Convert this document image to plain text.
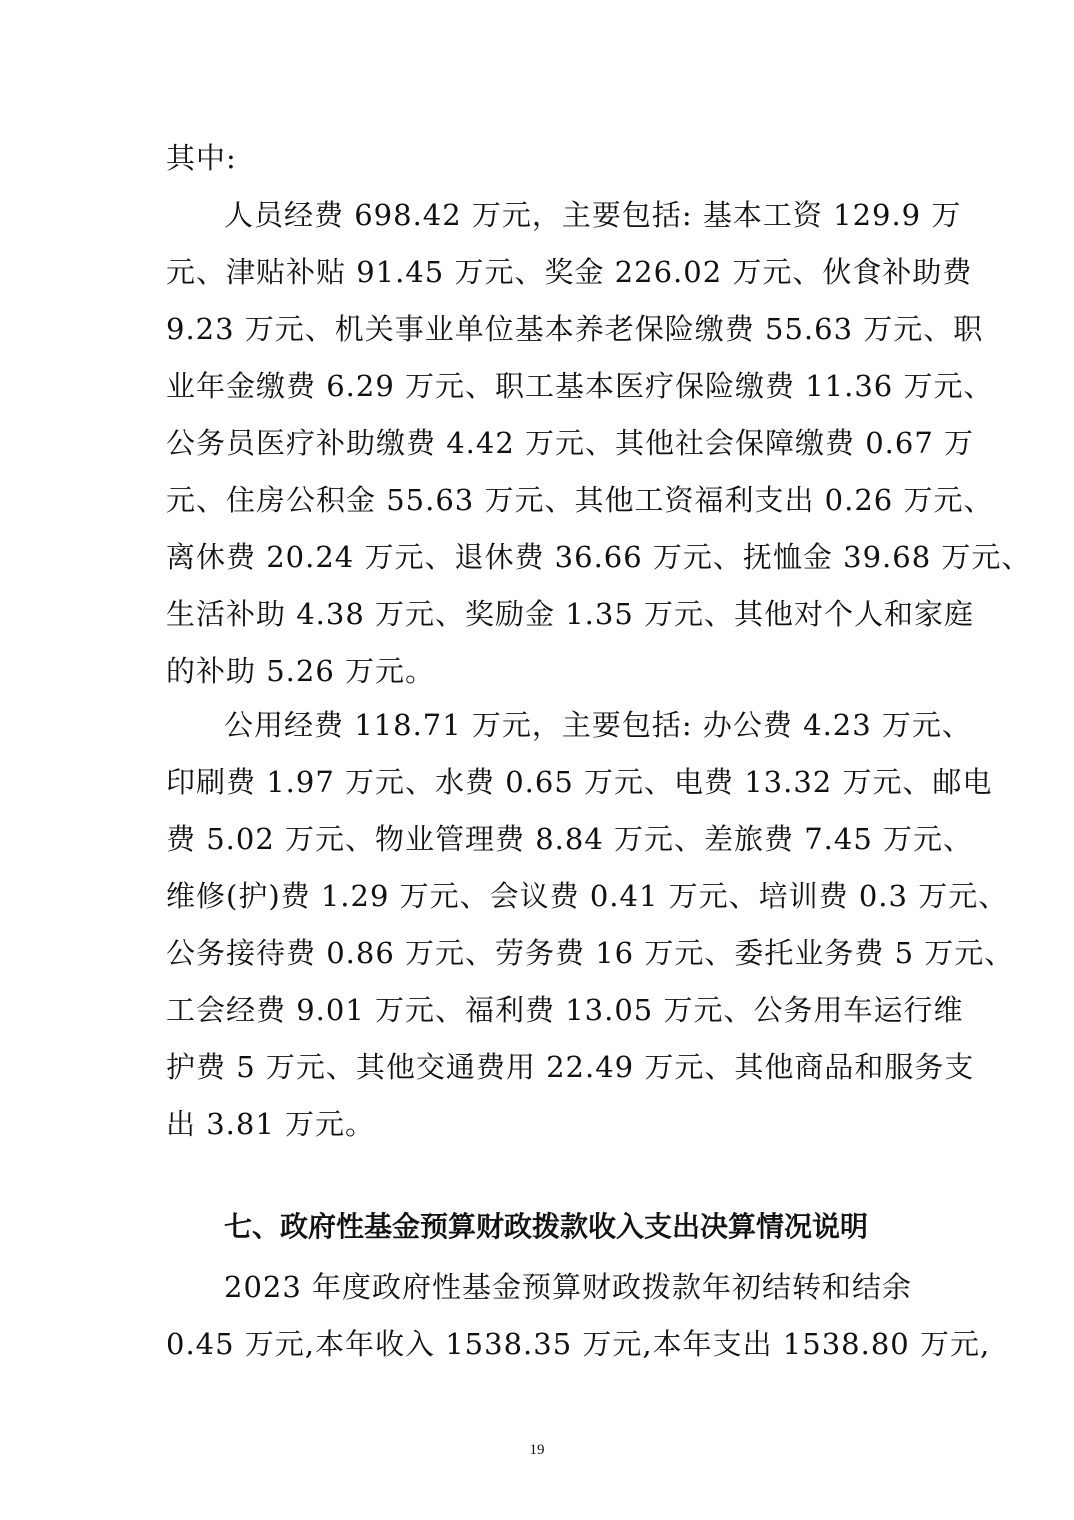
其中:
人员经费 698.42 万元，主要包括: 基本工资 129.9 万
元、津贴补贴 91.45 万元、奖金 226.02 万元、伙食补助费
9.23 万元、机关事业单位基本养老保险缴费 55.63 万元、职
业年金缴费 6.29 万元、职工基本医疗保险缴费 11.36 万元、
公务员医疗补助缴费 4.42 万元、其他社会保障缴费 0.67 万
元、住房公积金 55.63 万元、其他工资福利支出 0.26 万元、
离休费 20.24 万元、退休费 36.66 万元、抚恤金 39.68 万元、
生活补助 4.38 万元、奖励金 1.35 万元、其他对个人和家庭
的补助 5.26 万元。
公用经费 118.71 万元，主要包括: 办公费 4.23 万元、
印刷费 1.97 万元、水费 0.65 万元、电费 13.32 万元、邮电
费 5.02 万元、物业管理费 8.84 万元、差旅费 7.45 万元、
维修(护)费 1.29 万元、会议费 0.41 万元、培训费 0.3 万元、
公务接待费 0.86 万元、劳务费 16 万元、委托业务费 5 万元、
工会经费 9.01 万元、福利费 13.05 万元、公务用车运行维
护费 5 万元、其他交通费用 22.49 万元、其他商品和服务支
出 3.81 万元。
七、政府性基金预算财政拨款收入支出决算情况说明
2023 年度政府性基金预算财政拨款年初结转和结余
0.45 万元,本年收入 1538.35 万元,本年支出 1538.80 万元,
19
